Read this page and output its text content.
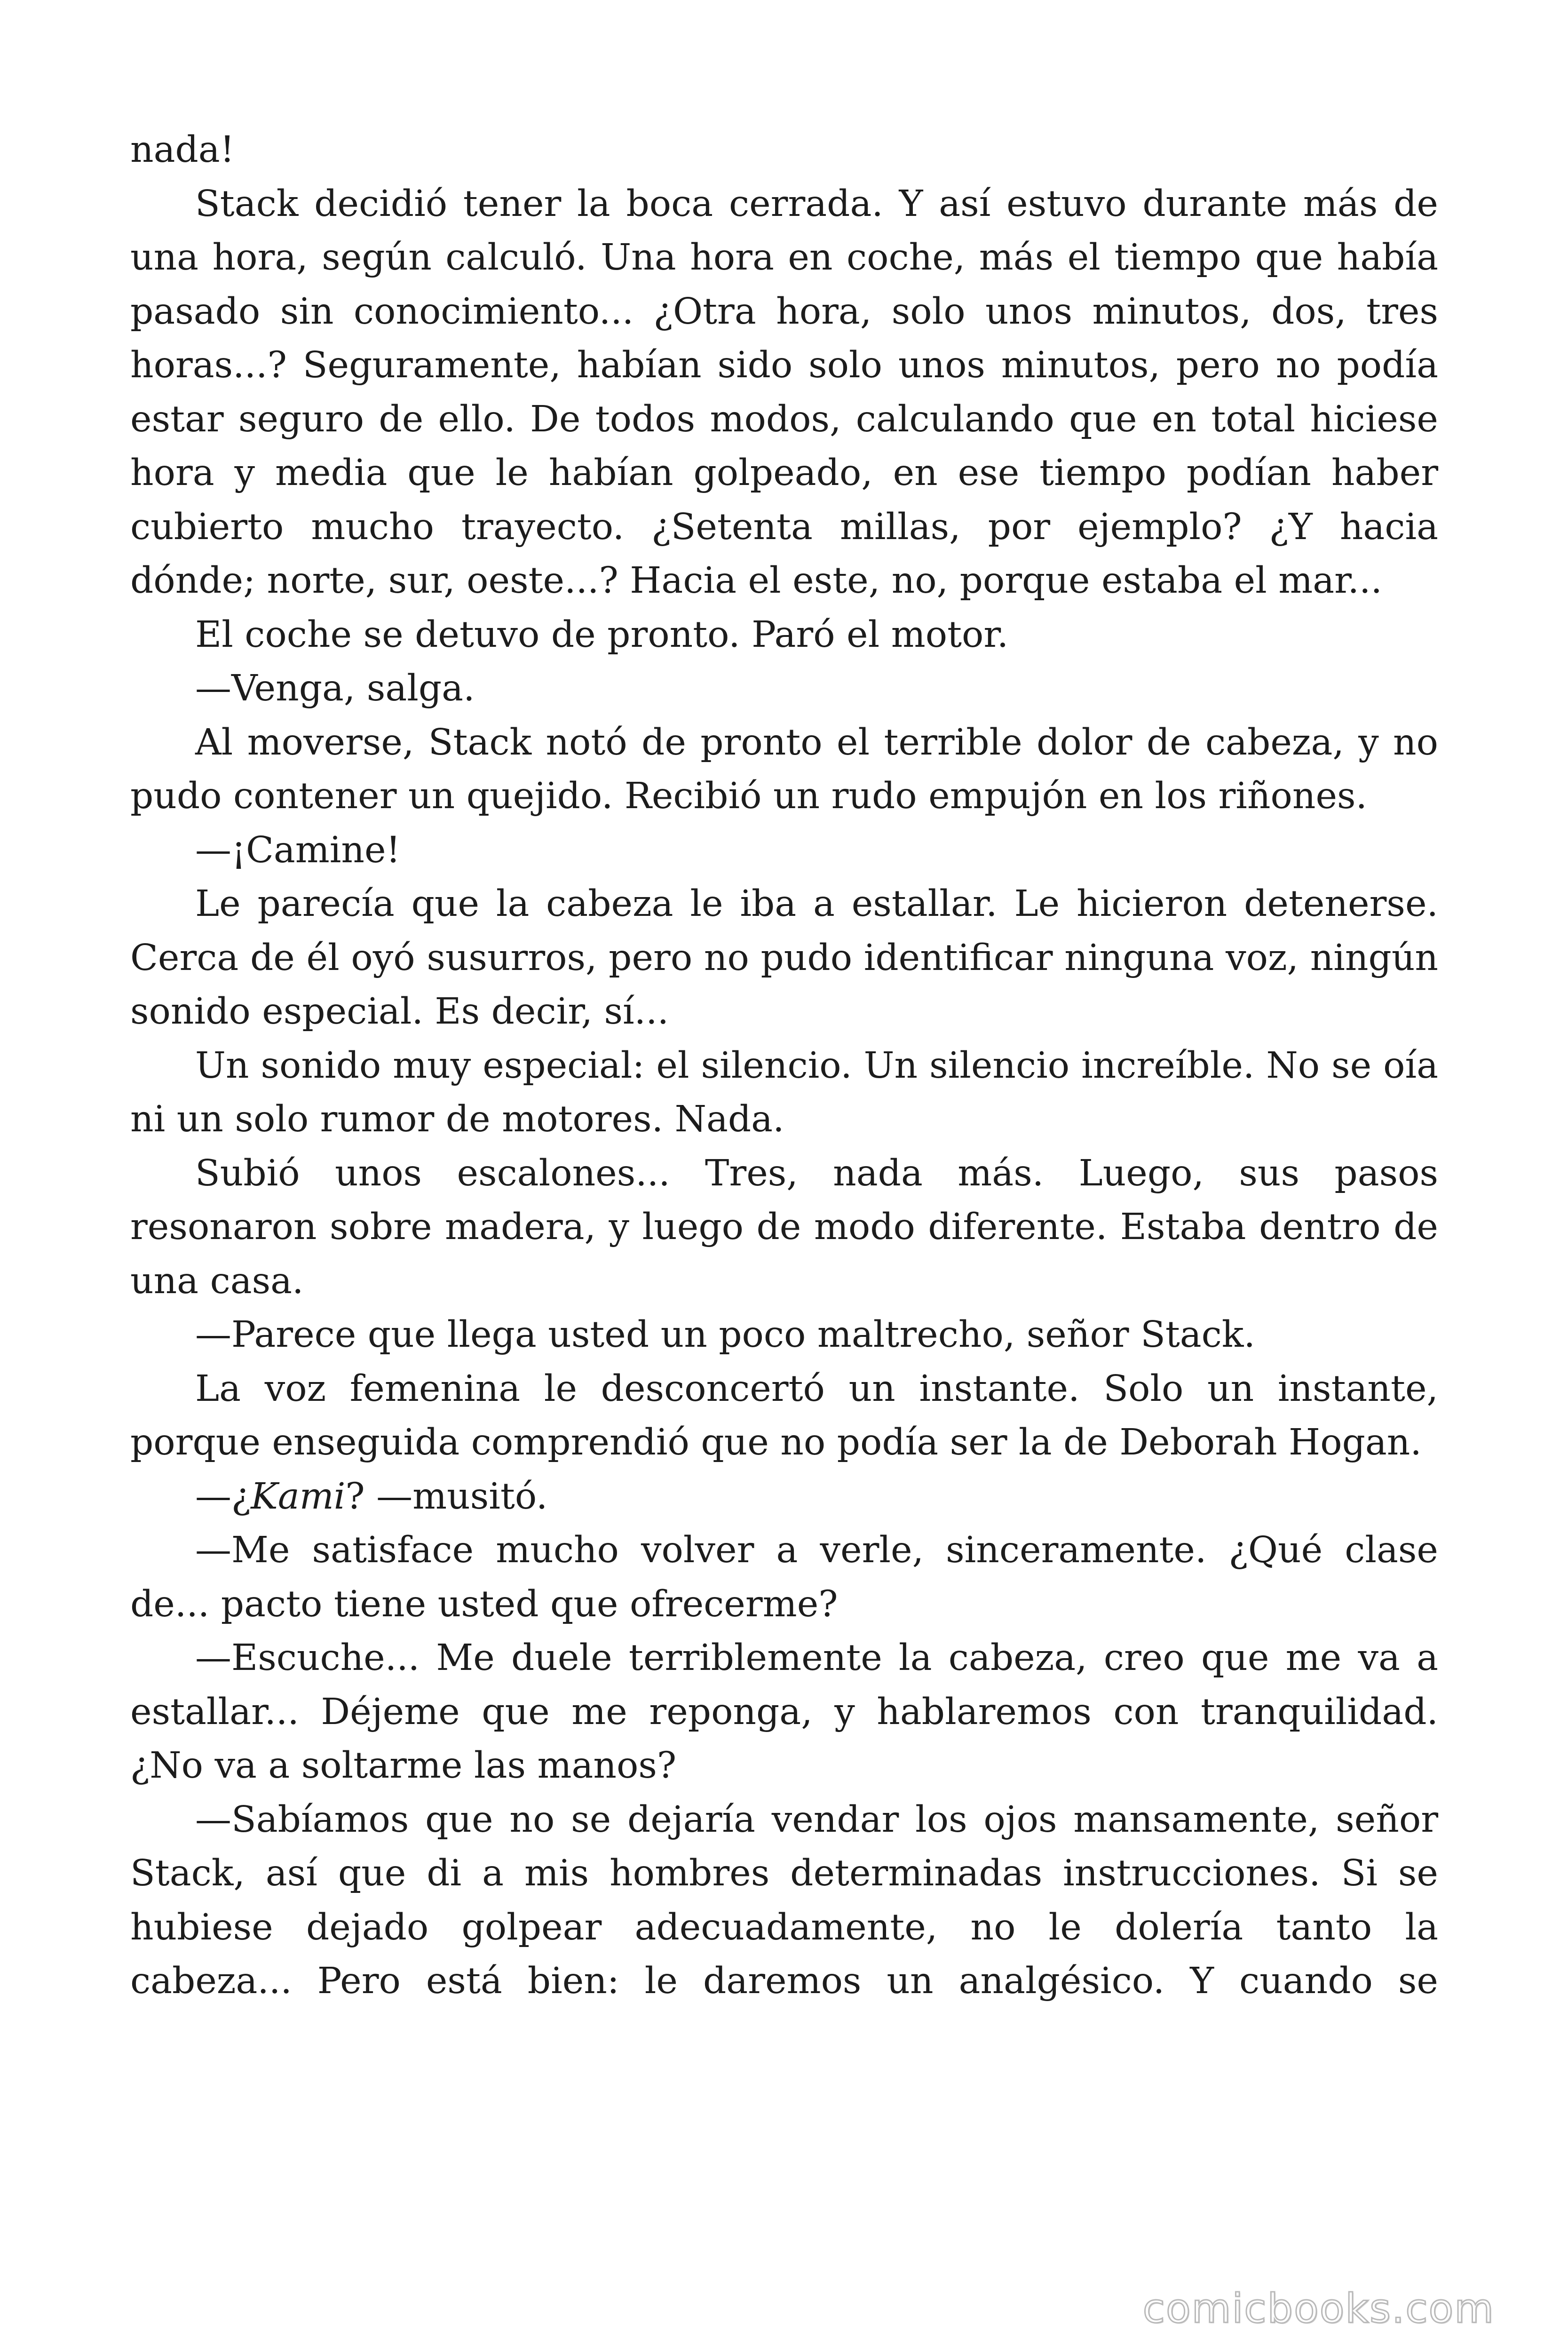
nada!

Stack decidió tener la boca cerrada. Y así estuvo durante más de una hora, según calculó. Una hora en coche, más el tiempo que había pasado sin conocimiento... ¿Otra hora, solo unos minutos, dos, tres horas...? Seguramente, habían sido solo unos minutos, pero no podía estar seguro de ello. De todos modos, calculando que en total hiciese hora y media que le habían golpeado, en ese tiempo podían haber cubierto mucho trayecto. ¿Setenta millas, por ejemplo? ¿Y hacia dónde; norte, sur, oeste...? Hacia el este, no, porque estaba el mar...

El coche se detuvo de pronto. Paró el motor.

—Venga, salga.

Al moverse, Stack notó de pronto el terrible dolor de cabeza, y no pudo contener un quejido. Recibió un rudo empujón en los riñones.

—¡Camine!

Le parecía que la cabeza le iba a estallar. Le hicieron detenerse. Cerca de él oyó susurros, pero no pudo identificar ninguna voz, ningún sonido especial. Es decir, sí...

Un sonido muy especial: el silencio. Un silencio increíble. No se oía ni un solo rumor de motores. Nada.

Subió unos escalones... Tres, nada más. Luego, sus pasos resonaron sobre madera, y luego de modo diferente. Estaba dentro de una casa.

—Parece que llega usted un poco maltrecho, señor Stack.

La voz femenina le desconcertó un instante. Solo un instante, porque enseguida comprendió que no podía ser la de Deborah Hogan.

—¿Kami? —musitó.

—Me satisface mucho volver a verle, sinceramente. ¿Qué clase de... pacto tiene usted que ofrecerme?

—Escuche... Me duele terriblemente la cabeza, creo que me va a estallar... Déjeme que me reponga, y hablaremos con tranquilidad. ¿No va a soltarme las manos?

—Sabíamos que no se dejaría vendar los ojos mansamente, señor Stack, así que di a mis hombres determinadas instrucciones. Si se hubiese dejado golpear adecuadamente, no le dolería tanto la cabeza... Pero está bien: le daremos un analgésico. Y cuando se

comicbooks.com
